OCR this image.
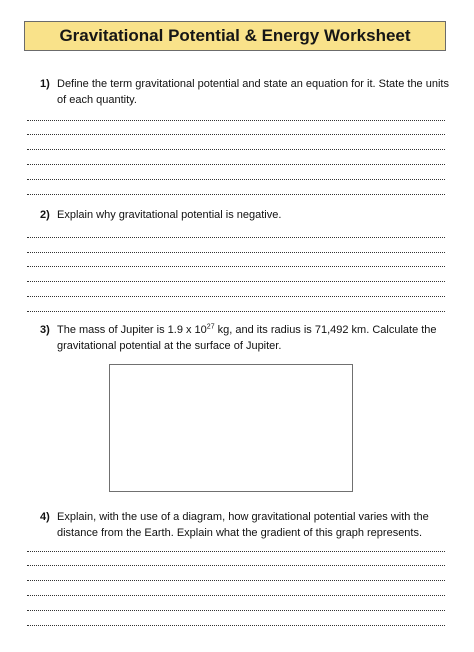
Gravitational Potential & Energy Worksheet
1) Define the term gravitational potential and state an equation for it. State the units of each quantity.
2) Explain why gravitational potential is negative.
3) The mass of Jupiter is 1.9 x $10^{27}$ kg, and its radius is 71,492 km. Calculate the gravitational potential at the surface of Jupiter.
4) Explain, with the use of a diagram, how gravitational potential varies with the distance from the Earth. Explain what the gradient of this graph represents.
